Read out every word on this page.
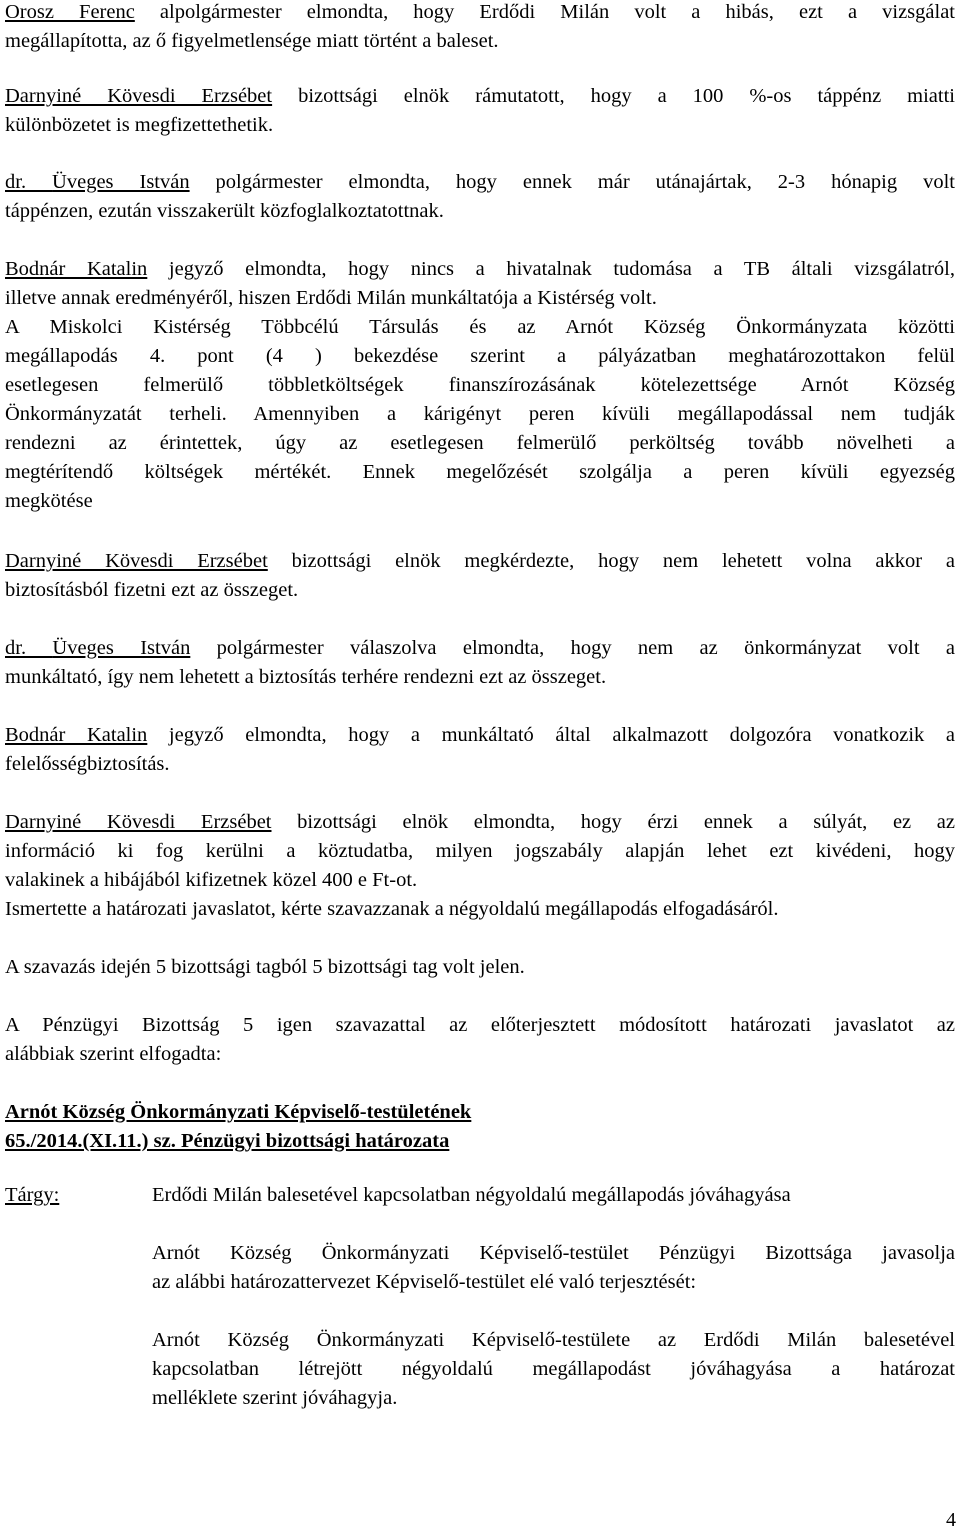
Orosz Ferenc alpolgármester elmondta, hogy Erdődi Milán volt a hibás, ezt a vizsgálat
megállapította, az ő figyelmetlensége miatt történt a baleset.

Darnyiné Kövesdi Erzsébet bizottsági elnök rámutatott, hogy a 100 %-os táppénz miatti
különbözetet is megfizettethetik.

dr. Üveges István polgármester elmondta, hogy ennek már utánajártak, 2-3 hónapig volt
táppénzen, ezután visszakerült közfoglalkoztatottnak.

Bodnár Katalin jegyző elmondta, hogy nincs a hivatalnak tudomása a TB általi vizsgálatról,
illetve annak eredményéről, hiszen Erdődi Milán munkáltatója a Kistérség volt.
A Miskolci Kistérség Többcélú Társulás és az Arnót Község Önkormányzata közötti
megállapodás 4. pont (4 ) bekezdése szerint a pályázatban meghatározottakon felül
esetlegesen felmerülő többletköltségek finanszírozásának kötelezettsége Arnót Község
Önkormányzatát terheli. Amennyiben a kárigényt peren kívüli megállapodással nem tudják
rendezni az érintettek, úgy az esetlegesen felmerülő perköltség tovább növelheti a
megtérítendő költségek mértékét. Ennek megelőzését szolgálja a peren kívüli egyezség
megkötése

Darnyiné Kövesdi Erzsébet bizottsági elnök megkérdezte, hogy nem lehetett volna akkor a
biztosításból fizetni ezt az összeget.

dr. Üveges István polgármester válaszolva elmondta, hogy nem az önkormányzat volt a
munkáltató, így nem lehetett a biztosítás terhére rendezni ezt az összeget.

Bodnár Katalin jegyző elmondta, hogy a munkáltató által alkalmazott dolgozóra vonatkozik a
felelősségbiztosítás.

Darnyiné Kövesdi Erzsébet bizottsági elnök elmondta, hogy érzi ennek a súlyát, ez az
információ ki fog kerülni a köztudatba, milyen jogszabály alapján lehet ezt kivédeni, hogy
valakinek a hibájából kifizetnek közel 400 e Ft-ot.
Ismertette a határozati javaslatot, kérte szavazzanak a négyoldalú megállapodás elfogadásáról.

A szavazás idején 5 bizottsági tagból 5 bizottsági tag volt jelen.

A Pénzügyi Bizottság 5 igen szavazattal az előterjesztett módosított határozati javaslatot az
alábbiak szerint elfogadta:

Arnót Község Önkormányzati Képviselő-testületének
65./2014.(XI.11.) sz. Pénzügyi bizottsági határozata
Tárgy:	Erdődi Milán balesetével kapcsolatban négyoldalú megállapodás jóváhagyása

Arnót Község Önkormányzati Képviselő-testület Pénzügyi Bizottsága javasolja
az alábbi határozattervezet Képviselő-testület elé való terjesztését:

Arnót Község Önkormányzati Képviselő-testülete az Erdődi Milán balesetével
kapcsolatban létrejött négyoldalú megállapodást jóváhagyása a határozat
melléklete szerint jóváhagyja.

4
